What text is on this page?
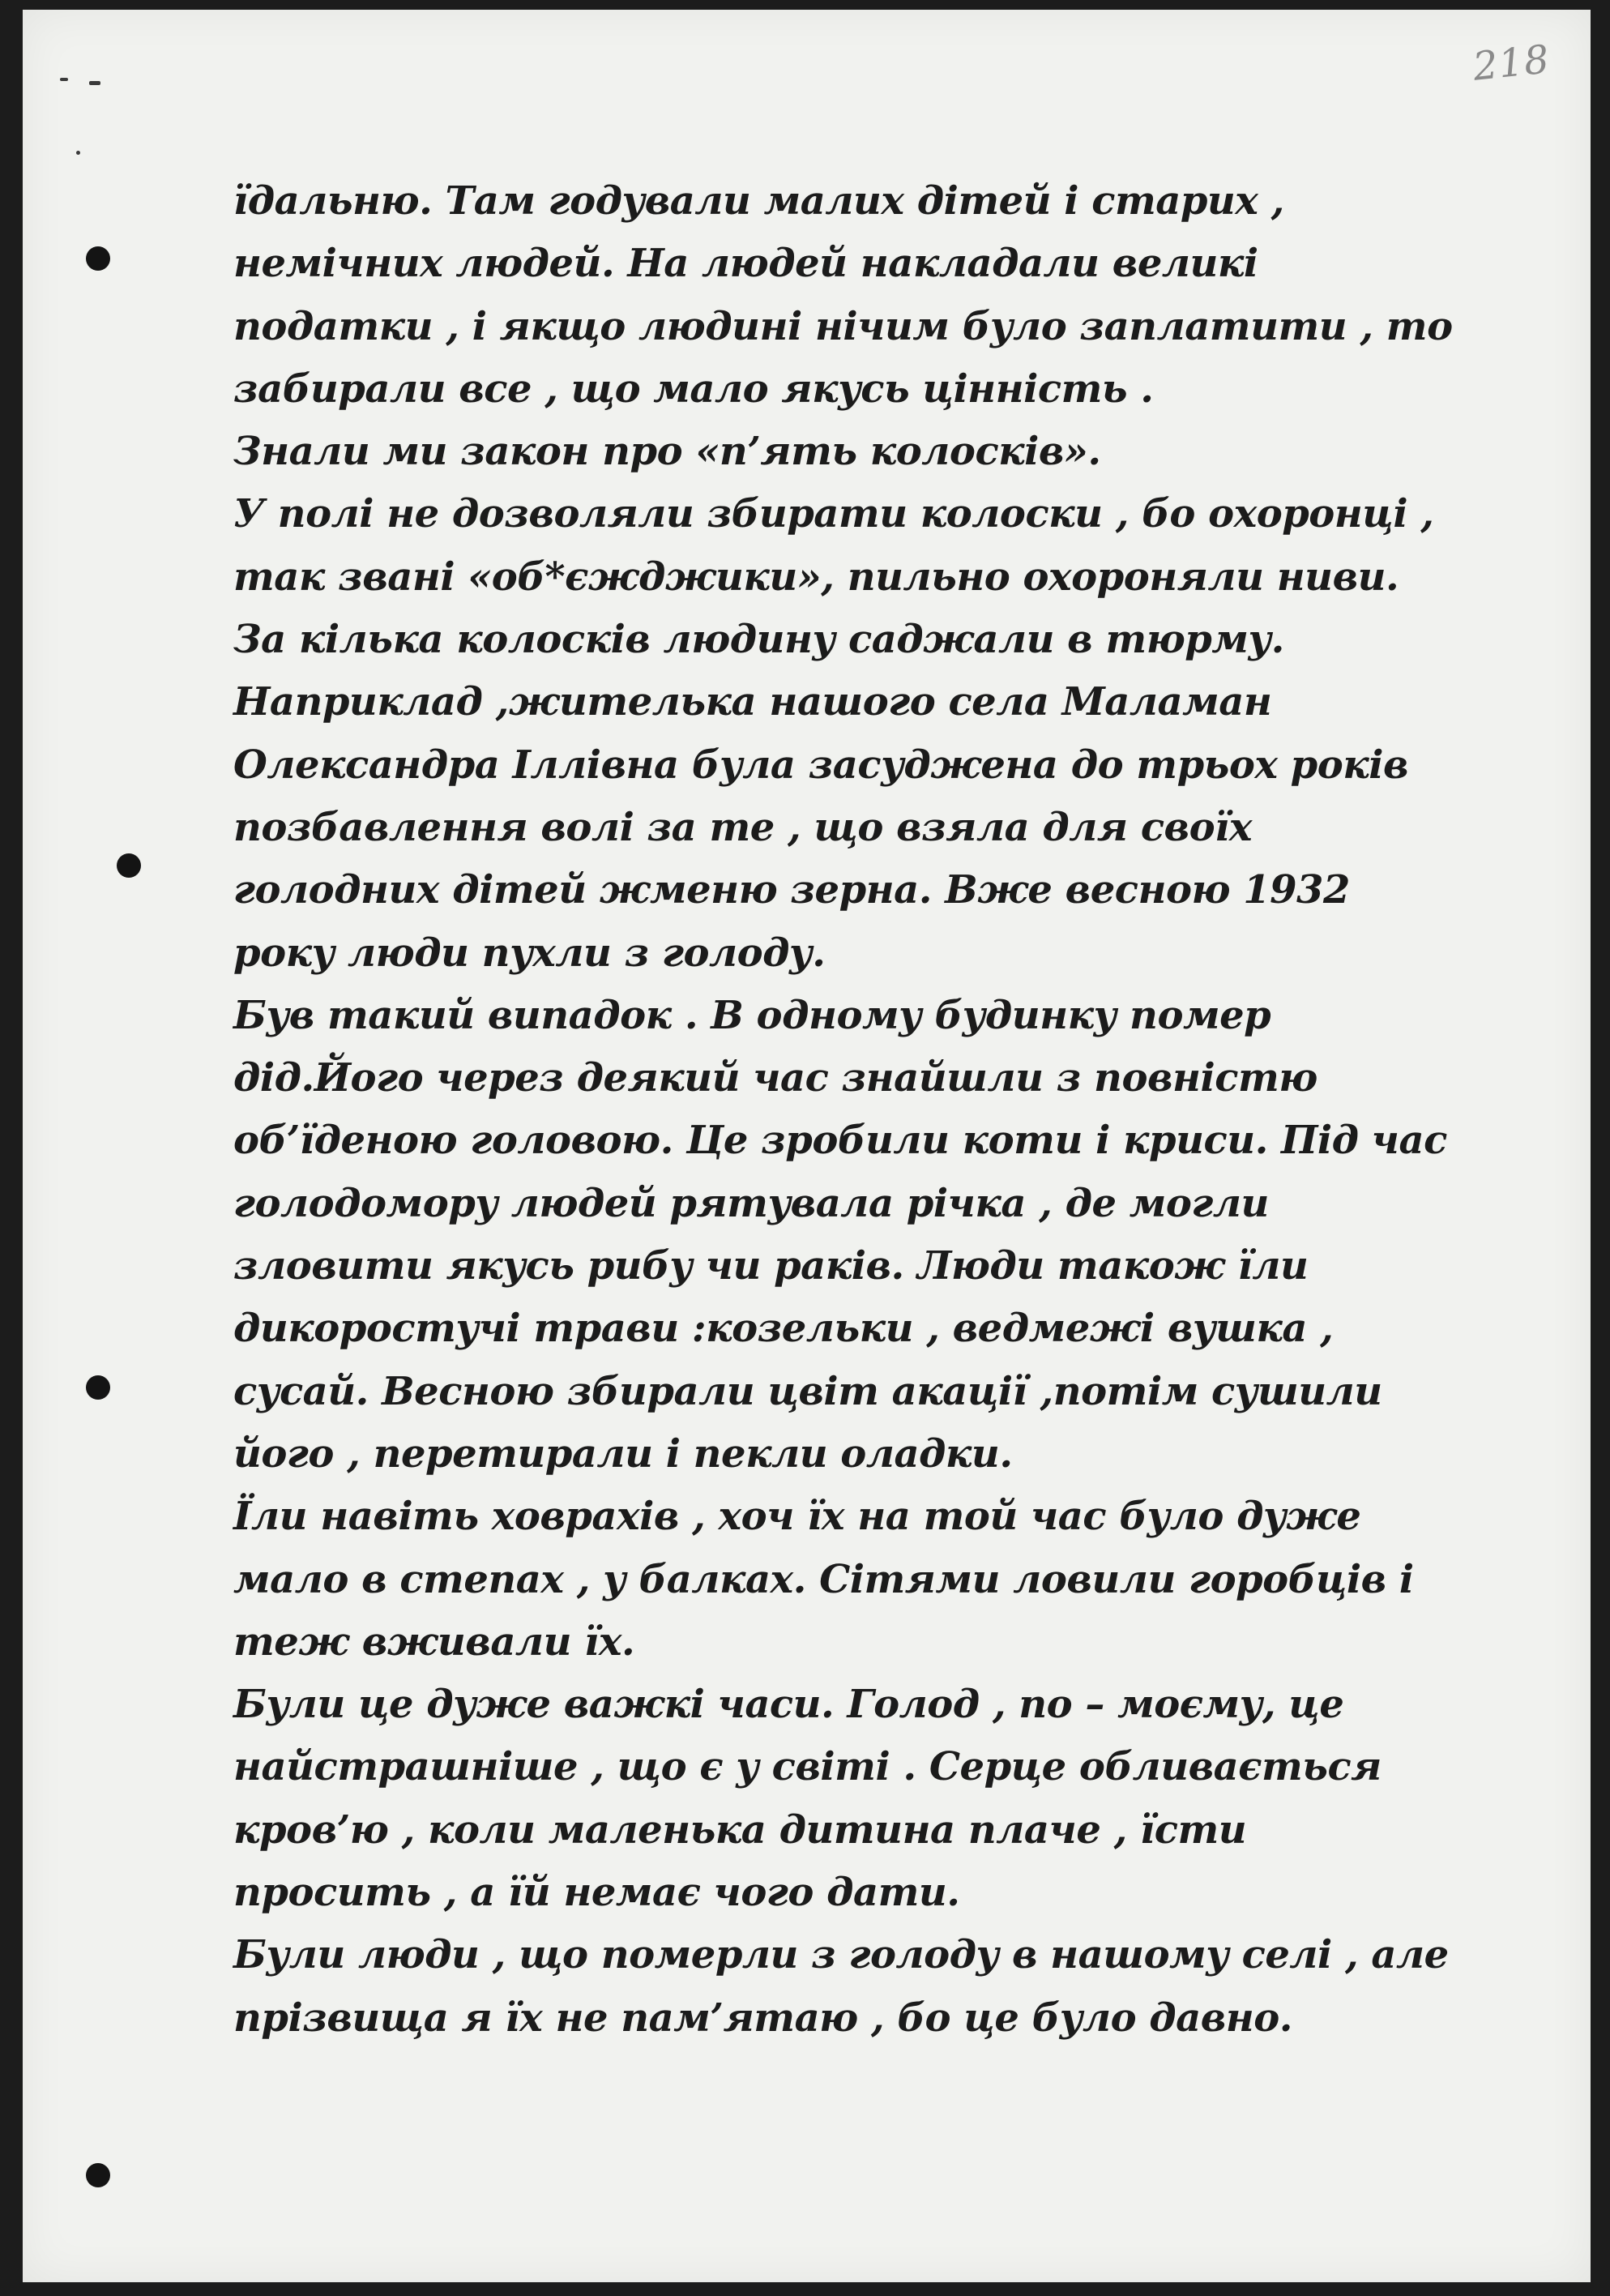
218
їдальню. Там годували малих дітей і старих ,
немічних людей. На людей накладали великі
податки , і якщо людині нічим було заплатити , то
забирали все , що мало якусь цінність .
Знали ми закон про «п’ять колосків».
У полі не дозволяли збирати колоски , бо охоронці ,
так звані «об*єжджики», пильно охороняли ниви.
За кілька колосків людину саджали в тюрму.
Наприклад ,жителька нашого села Маламан
Олександра Іллівна була засуджена до трьох років
позбавлення волі за те , що взяла для своїх
голодних дітей жменю зерна. Вже весною 1932
року люди пухли з голоду.
Був такий випадок . В одному будинку помер
дід.Його через деякий час знайшли з повністю
об’їденою головою. Це зробили коти і криси. Під час
голодомору людей рятувала річка , де могли
зловити якусь рибу чи раків. Люди також їли
дикоростучі трави :козельки , ведмежі вушка ,
сусай. Весною збирали цвіт акації ,потім сушили
його , перетирали і пекли оладки.
Їли навіть ховрахів , хоч їх на той час було дуже
мало в степах , у балках. Сітями ловили горобців і
теж вживали їх.
Були це дуже важкі часи. Голод , по – моєму, це
найстрашніше , що є у світі . Серце обливається
кров’ю , коли маленька дитина плаче , їсти
просить , а їй немає чого дати.
Були люди , що померли з голоду в нашому селі , але
прізвища я їх не пам’ятаю , бо це було давно.
